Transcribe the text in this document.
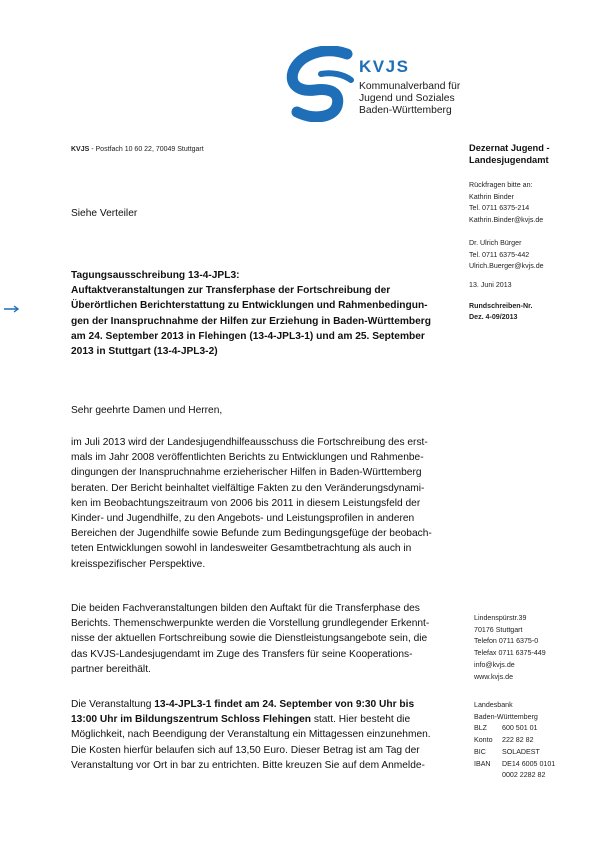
KVJS
Kommunalverband für
Jugend und Soziales
Baden-Württemberg
KVJS - Postfach 10 60 22, 70049 Stuttgart
Siehe Verteiler
Dezernat Jugend -
Landesjugendamt
Rückfragen bitte an:
Kathrin Binder
Tel. 0711 6375-214
Kathrin.Binder@kvjs.de
Dr. Ulrich Bürger
Tel. 0711 6375-442
Ulrich.Buerger@kvjs.de
13. Juni 2013
Rundschreiben-Nr.
Dez. 4-09/2013
Lindenspürstr.39
70176 Stuttgart
Telefon 0711 6375-0
Telefax 0711 6375-449
info@kvjs.de
www.kvjs.de
Landesbank
Baden-Württemberg
BLZ	600 501 01
Konto	222 82 82
BIC	SOLADEST
IBAN	DE14 6005 0101
0002 2282 82
Tagungsausschreibung 13-4-JPL3:
Auftaktveranstaltungen zur Transferphase der Fortschreibung der
Überörtlichen Berichterstattung zu Entwicklungen und Rahmenbedingun-
gen der Inanspruchnahme der Hilfen zur Erziehung in Baden-Württemberg
am 24. September 2013 in Flehingen (13-4-JPL3-1) und am 25. September
2013 in Stuttgart (13-4-JPL3-2)
Sehr geehrte Damen und Herren,
im Juli 2013 wird der Landesjugendhilfeausschuss die Fortschreibung des erst-
mals im Jahr 2008 veröffentlichten Berichts zu Entwicklungen und Rahmenbe-
dingungen der Inanspruchnahme erzieherischer Hilfen in Baden-Württemberg
beraten. Der Bericht beinhaltet vielfältige Fakten zu den Veränderungsdynami-
ken im Beobachtungszeitraum von 2006 bis 2011 in diesem Leistungsfeld der
Kinder- und Jugendhilfe, zu den Angebots- und Leistungsprofilen in anderen
Bereichen der Jugendhilfe sowie Befunde zum Bedingungsgefüge der beobach-
teten Entwicklungen sowohl in landesweiter Gesamtbetrachtung als auch in
kreisspezifischer Perspektive.
Die beiden Fachveranstaltungen bilden den Auftakt für die Transferphase des
Berichts. Themenschwerpunkte werden die Vorstellung grundlegender Erkennt-
nisse der aktuellen Fortschreibung sowie die Dienstleistungsangebote sein, die
das KVJS-Landesjugendamt im Zuge des Transfers für seine Kooperations-
partner bereithält.
Die Veranstaltung 13-4-JPL3-1 findet am 24. September von 9:30 Uhr bis
13:00 Uhr im Bildungszentrum Schloss Flehingen statt. Hier besteht die
Möglichkeit, nach Beendigung der Veranstaltung ein Mittagessen einzunehmen.
Die Kosten hierfür belaufen sich auf 13,50 Euro. Dieser Betrag ist am Tag der
Veranstaltung vor Ort in bar zu entrichten. Bitte kreuzen Sie auf dem Anmelde-
